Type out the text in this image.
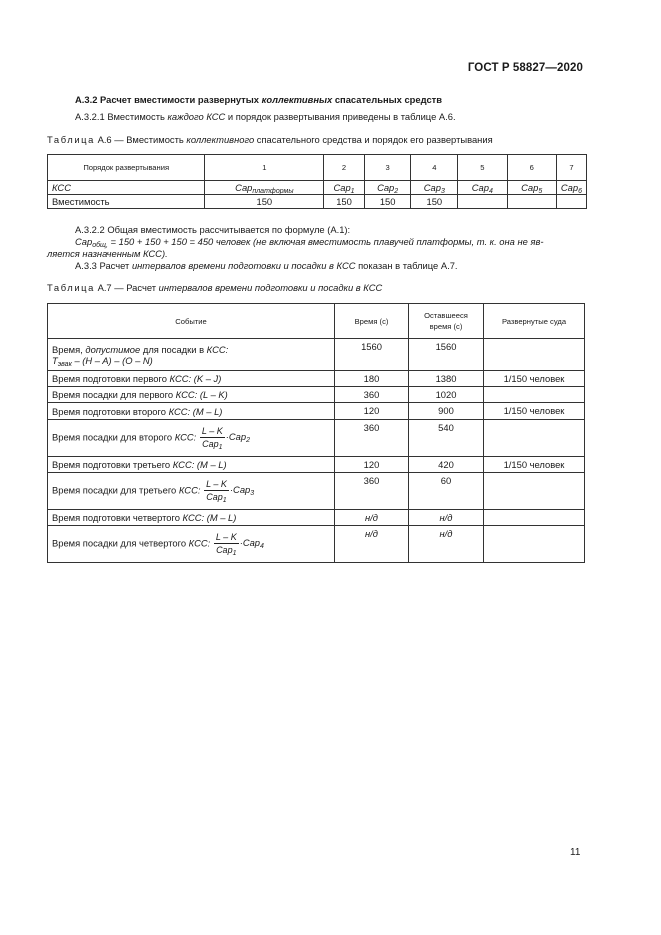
ГОСТ Р 58827—2020
А.3.2 Расчет вместимости развернутых коллективных спасательных средств
А.3.2.1 Вместимость каждого КСС и порядок развертывания приведены в таблице А.6.
Таблица А.6 — Вместимость коллективного спасательного средства и порядок его развертывания
Порядок развертывания	1	2	3	4	5	6	7
КСС	Cap$_{платформы}$	Cap$_1$	Cap$_2$	Cap$_3$	Cap$_4$	Cap$_5$	Cap$_6$
Вместимость	150	150	150	150			
А.3.2.2 Общая вместимость рассчитывается по формуле (А.1):
Cap$_{общ,}$ = 150 + 150 + 150 = 450 человек (не включая вместимость плавучей платформы, т. к. она не яв-
ляется назначенным КСС).
А.3.3 Расчет интервалов времени подготовки и посадки в КСС показан в таблице А.7.
Таблица А.7 — Расчет интервалов времени подготовки и посадки в КСС
Событие	Время (с)	Оставшееся время (с)	Развернутые суда

Время, допустимое для посадки в КСС:
$T_{эвак} - (H - A) - (O - N)$	1560	1560	
Время подготовки первого КСС: (K – J)	180	1380	1/150 человек
Время посадки для первого КСС: (L – K)	360	1020	
Время подготовки второго КСС: (M – L)	120	900	1/150 человек
Время посадки для второго КСС: $\frac{L - K}{Cap_1} \cdot Cap_2$	360	540	
Время подготовки третьего КСС: (M – L)	120	420	1/150 человек
Время посадки для третьего КСС: $\frac{L - K}{Cap_1} \cdot Cap_3$	360	60	
Время подготовки четвертого КСС: (M – L)	н/д	н/д	
Время посадки для четвертого КСС: $\frac{L - K}{Cap_1} \cdot Cap_4$	н/д	н/д	
11
